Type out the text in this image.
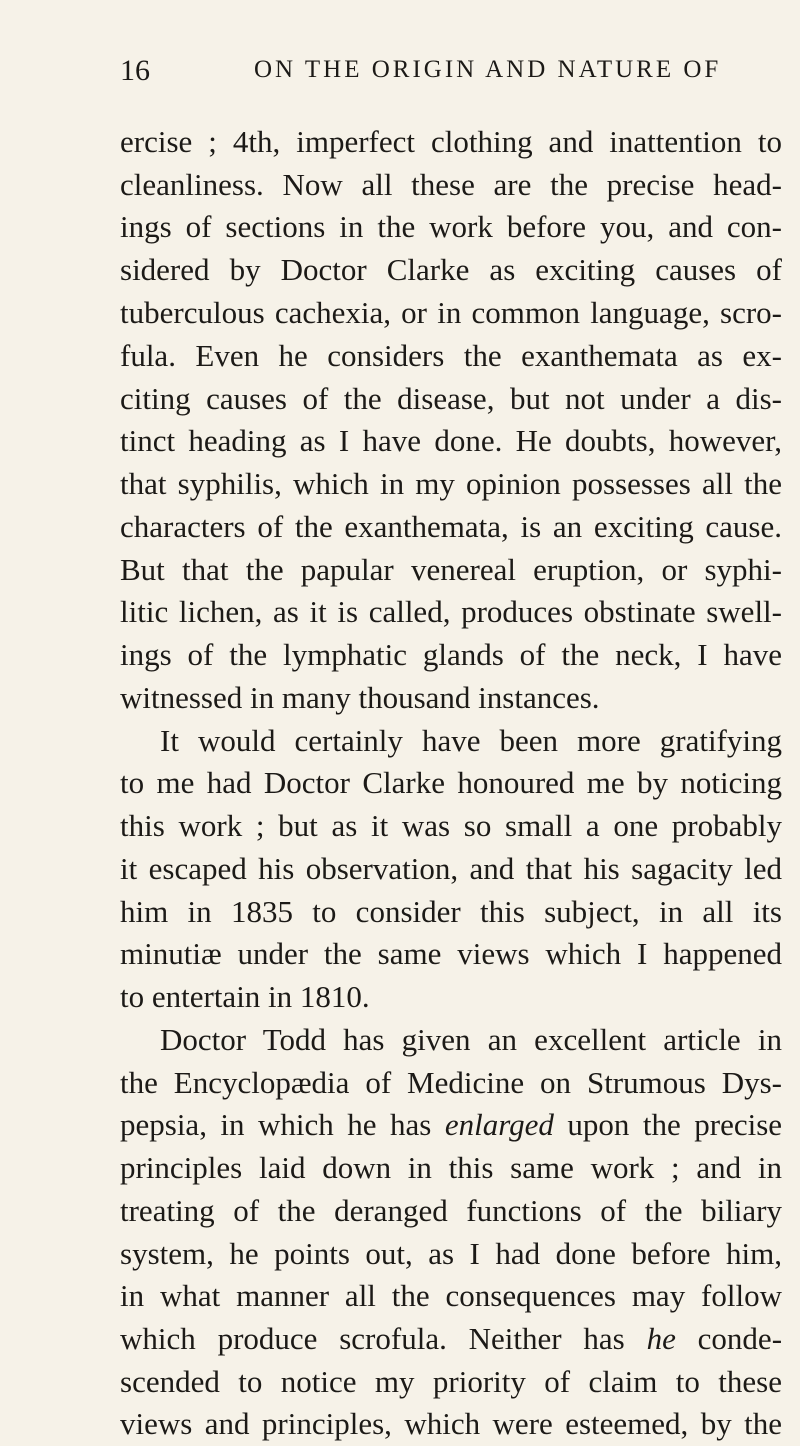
16	ON THE ORIGIN AND NATURE OF
ercise ; 4th, imperfect clothing and inattention to
cleanliness. Now all these are the precise head-
ings of sections in the work before you, and con-
sidered by Doctor Clarke as exciting causes of
tuberculous cachexia, or in common language, scro-
fula. Even he considers the exanthemata as ex-
citing causes of the disease, but not under a dis-
tinct heading as I have done. He doubts, however,
that syphilis, which in my opinion possesses all the
characters of the exanthemata, is an exciting cause.
But that the papular venereal eruption, or syphi-
litic lichen, as it is called, produces obstinate swell-
ings of the lymphatic glands of the neck, I have
witnessed in many thousand instances.
It would certainly have been more gratifying
to me had Doctor Clarke honoured me by noticing
this work ; but as it was so small a one probably
it escaped his observation, and that his sagacity led
him in 1835 to consider this subject, in all its
minutiæ under the same views which I happened
to entertain in 1810.
Doctor Todd has given an excellent article in
the Encyclopædia of Medicine on Strumous Dys-
pepsia, in which he has enlarged upon the precise
principles laid down in this same work ; and in
treating of the deranged functions of the biliary
system, he points out, as I had done before him,
in what manner all the consequences may follow
which produce scrofula. Neither has he conde-
scended to notice my priority of claim to these
views and principles, which were esteemed, by the
